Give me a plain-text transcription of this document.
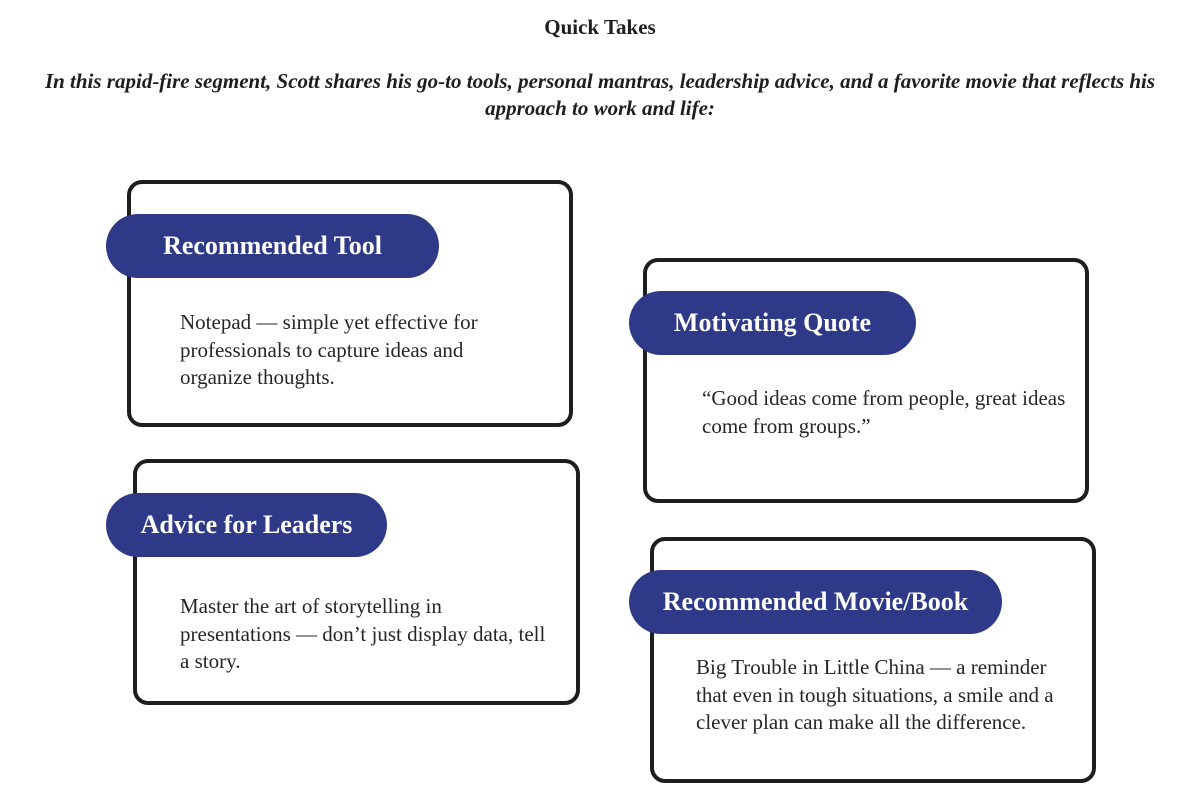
Quick Takes
In this rapid-fire segment, Scott shares his go-to tools, personal mantras, leadership advice, and a favorite movie that reflects his approach to work and life:
Recommended Tool
Notepad — simple yet effective for professionals to capture ideas and organize thoughts.
Motivating Quote
“Good ideas come from people, great ideas come from groups.”
Advice for Leaders
Master the art of storytelling in presentations — don’t just display data, tell a story.
Recommended Movie/Book
Big Trouble in Little China — a reminder that even in tough situations, a smile and a clever plan can make all the difference.
